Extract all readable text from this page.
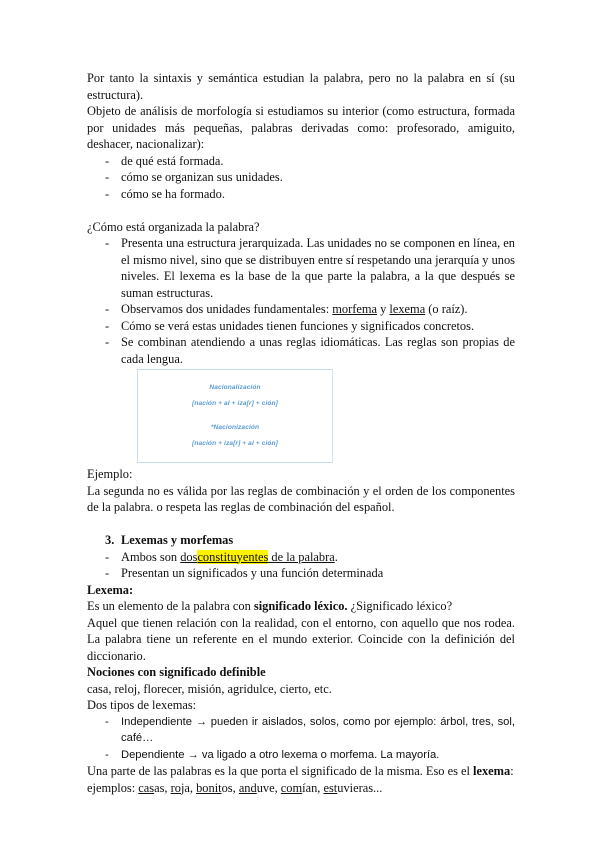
Por tanto la sintaxis y semántica estudian la palabra, pero no la palabra en sí (su estructura).

Objeto de análisis de morfología si estudiamos su interior (como estructura, formada por unidades más pequeñas, palabras derivadas como: profesorado, amiguito, deshacer, nacionalizar):

- de qué está formada.
- cómo se organizan sus unidades.
- cómo se ha formado.

¿Cómo está organizada la palabra?

- Presenta una estructura jerarquizada. Las unidades no se componen en línea, en el mismo nivel, sino que se distribuyen entre sí respetando una jerarquía y unos niveles. El lexema es la base de la que parte la palabra, a la que después se suman estructuras.
- Observamos dos unidades fundamentales: morfema y lexema (o raíz).
- Cómo se verá estas unidades tienen funciones y significados concretos.
- Se combinan atendiendo a unas reglas idiomáticas. Las reglas son propias de cada lengua.
Nacionalización
[nación + al + iza[r] + ción]
*Nacionización
[nación + iza[r] + al + ción]

Ejemplo:

La segunda no es válida por las reglas de combinación y el orden de los componentes de la palabra. o respeta las reglas de combinación del español.

3. Lexemas y morfemas

- Ambos son dosconstituyentes de la palabra.
- Presentan un significados y una función determinada

Lexema:

Es un elemento de la palabra con significado léxico. ¿Significado léxico?

Aquel que tienen relación con la realidad, con el entorno, con aquello que nos rodea. La palabra tiene un referente en el mundo exterior. Coincide con la definición del diccionario.

Nociones con significado definible

casa, reloj, florecer, misión, agridulce, cierto, etc.

Dos tipos de lexemas:

- Independiente → pueden ir aislados, solos, como por ejemplo: árbol, tres, sol, café…
- Dependiente → va ligado a otro lexema o morfema. La mayoría.

Una parte de las palabras es la que porta el significado de la misma. Eso es el lexema:

ejemplos: casas, roja, bonitos, anduve, comían, estuvieras...
